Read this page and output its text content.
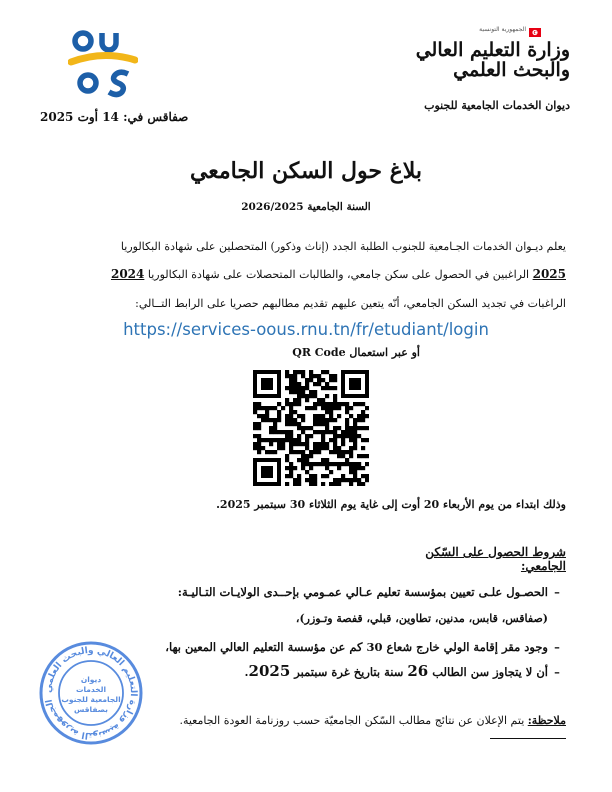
صفاقس في: 14 أوت 2025
الجمهورية التونسية
وزارة التعليم العالي
والبحث العلمي
ديوان الخدمات الجامعية للجنوب
بلاغ حول السكن الجامعي
السنة الجامعية 2026/2025
يعلم ديـوان الخدمات الجـامعية للجنوب الطلبة الجدد (إناث وذكور) المتحصلين على شهادة البكالوريا
2025 الراغبين في الحصول على سكن جامعي، والطالبات المتحصلات على شهادة البكالوريا 2024
الراغبات في تجديد السكن الجامعي، أنّه يتعين عليهم تقديم مطالبهم حصريا على الرابط التــالي:
https://services-oous.rnu.tn/fr/etudiant/login
أو عبر استعمال QR Code
وذلك ابتداء من يوم الأربعاء 20 أوت إلى غاية يوم الثلاثاء 30 سبتمبر 2025.
شروط الحصول على السّكن الجامعي:
–الحصـول علـى تعيين بمؤسسة تعليم عـالي عمـومي بإحــدى الولايـات التـاليـة:
(صفاقس، قابس، مدنين، تطاوين، قبلي، قفصة وتـوزر)،
–وجود مقر إقامة الولي خارج شعاع 30 كم عن مؤسسة التعليم العالي المعين بها،
–أن لا يتجاوز سن الطالب 26 سنة بتاريخ غرة سبتمبر 2025.
ملاحظة: يتم الإعلان عن نتائج مطالب السّكن الجامعيّة حسب روزنامة العودة الجامعية.
الجمهورية التونسية وزارة التعليم العالي والبحث العلمي
ديوان
الخدمات
الجامعية للجنوب
بصفاقس
